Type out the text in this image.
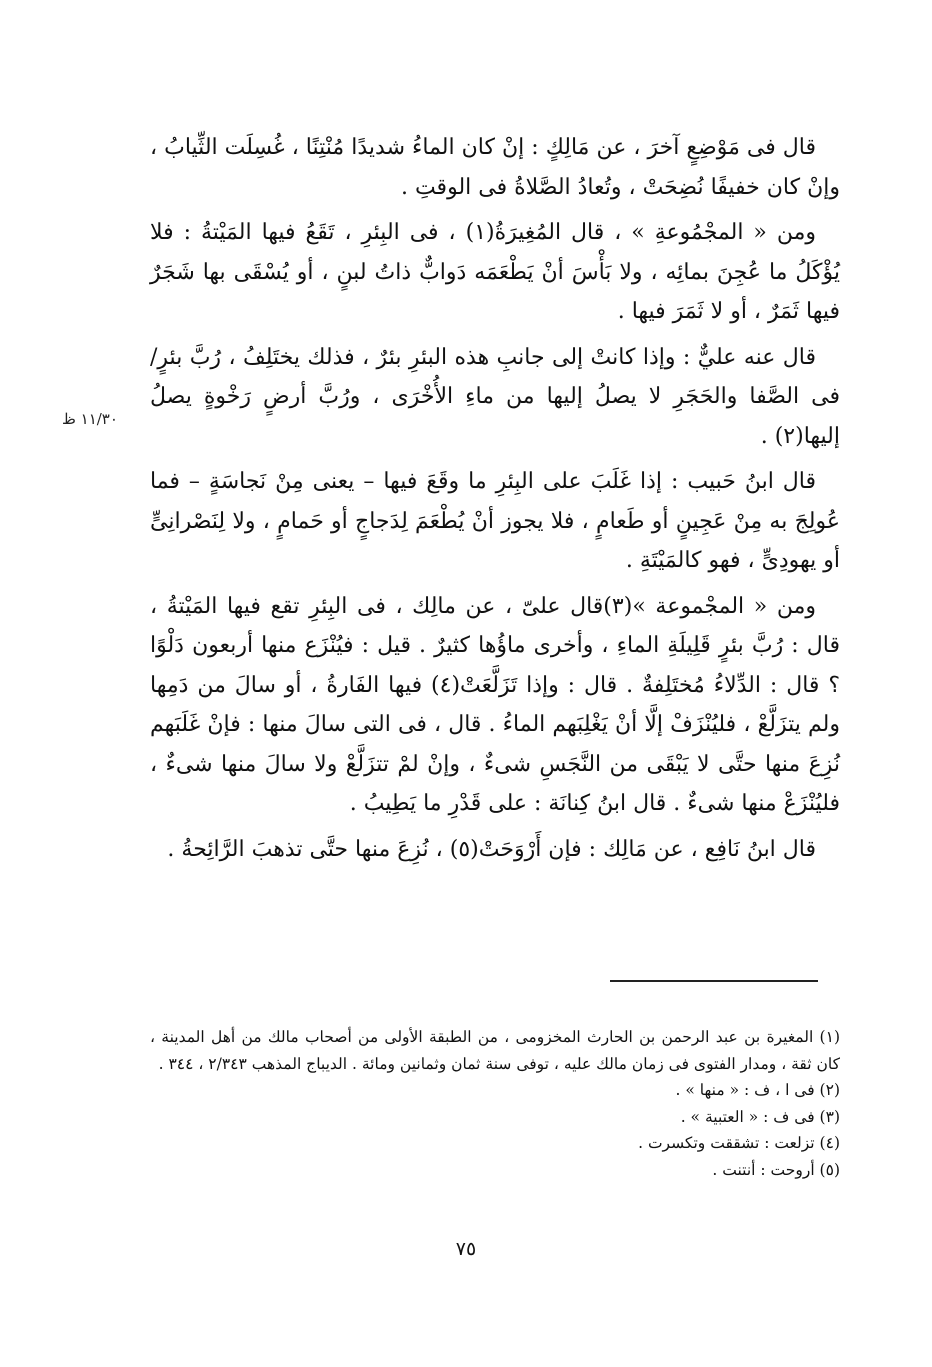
قال فى مَوْضِعٍ آخرَ ، عن مَالِكٍ : إنْ كان الماءُ شديدًا مُنْتِنًا ، غُسِلَت الثِّيابُ ، وإنْ كان خفيفًا نُضِحَتْ ، وتُعادُ الصَّلاةُ فى الوقتِ .

ومن « المجْمُوعةِ » ، قال المُغِيرَةُ(١) ، فى البِئرِ ، تَقَعُ فيها المَيْتةُ : فلا يُؤْكَلُ ما عُجِنَ بمائِه ، ولا بَأْسَ أنْ يَطْعَمَه دَوابٌّ ذاتُ لبنٍ ، أو يُسْقَى بها شَجَرٌ فيها ثَمَرٌ ، أو لا ثَمَرَ فيها .

قال عنه عليٌّ : وإذا كانتْ إلى جانبِ هذه البئرِ بئرٌ ، فذلك يختَلِفُ ، رُبَّ بئرٍ/ فى الصَّفا والحَجَرِ لا يصلُ إليها من ماءِ الأُخْرَى ، ورُبَّ أرضٍ رَخْوةٍ يصلُ إليها(٢) .

قال ابنُ حَبيب : إذا غَلَبَ على البِئرِ ما وقَعَ فيها – يعنى مِنْ نَجاسَةٍ – فما عُولِجَ به مِنْ عَجِينٍ أو طَعامٍ ، فلا يجوز أنْ يُطْعَمَ لِدَجاجٍ أو حَمامٍ ، ولا لِنَصْرانِىٍّ أو يهودِىٍّ ، فهو كالمَيْتَةِ .

ومن « المجْموعة »(٣)قال علىّ ، عن مالِك ، فى البِئرِ تقع فيها المَيْتةُ ، قال : رُبَّ بئرٍ قَلِيلَةِ الماءِ ، وأخرى ماؤُها كثيرٌ . قيل : فيُنْزَع منها أربعون دَلْوًا ؟ قال : الدِّلاءُ مُختَلِفةٌ . قال : وإذا تَزَلَّعَتْ(٤) فيها الفَارةُ ، أو سالَ من دَمِها ولم يتزَلَّعْ ، فليُنْزَفْ إلَّا أنْ يَغْلِبَهم الماءُ . قال ، فى التى سالَ منها : فإنْ غَلَبَهم نُزِعَ منها حتَّى لا يَبْقَى من النَّجَسِ شىءٌ ، وإنْ لمْ تتزَلَّعْ ولا سالَ منها شىءٌ ، فليُنْزَعْ منها شىءٌ . قال ابنُ كِنانَة : على قَدْرِ ما يَطِيبُ .

قال ابنُ نَافِع ، عن مَالِك : فإن أَرْوَحَتْ(٥) ، نُزِعَ منها حتَّى تذهبَ الرَّائِحةُ .

١١/٣٠ ظ

(١) المغيرة بن عبد الرحمن بن الحارث المخزومى ، من الطبقة الأولى من أصحاب مالك من أهل المدينة ، كان ثقة ، ومدار الفتوى فى زمان مالك عليه ، توفى سنة ثمان وثمانين ومائة . الديباج المذهب ٢/٣٤٣ ، ٣٤٤ .

(٢) فى ا ، ف : « منها » .

(٣) فى ف : « العتبية » .

(٤) تزلعت : تشققت وتكسرت .

(٥) أروحت : أنتنت .

٧٥
